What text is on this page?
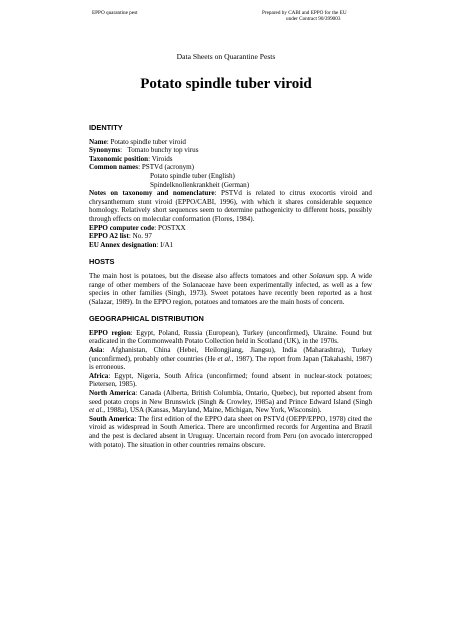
EPPO quarantine pest	Prepared by CABI and EPPO for the EU
under Contract 90/399003
Data Sheets on Quarantine Pests
Potato spindle tuber viroid
IDENTITY
Name: Potato spindle tuber viroid
Synonyms:   Tomato bunchy top virus
Taxonomic position: Viroids
Common names: PSTVd (acronym)
Potato spindle tuber (English)
Spindelknollenkrankheit (German)

Notes on taxonomy and nomenclature: PSTVd is related to citrus exocortis viroid and chrysanthemum stunt viroid (EPPO/CABI, 1996), with which it shares considerable sequence homology. Relatively short sequences seem to determine pathogenicity to different hosts, possibly through effects on molecular conformation (Flores, 1984).

EPPO computer code: POSTXX
EPPO A2 list: No. 97
EU Annex designation: I/A1
HOSTS

The main host is potatoes, but the disease also affects tomatoes and other Solanum spp. A wide range of other members of the Solanaceae have been experimentally infected, as well as a few species in other families (Singh, 1973). Sweet potatoes have recently been reported as a host (Salazar, 1989). In the EPPO region, potatoes and tomatoes are the main hosts of concern.

GEOGRAPHICAL DISTRIBUTION

EPPO region: Egypt, Poland, Russia (European), Turkey (unconfirmed), Ukraine. Found but eradicated in the Commonwealth Potato Collection held in Scotland (UK), in the 1970s.

Asia: Afghanistan, China (Hebei, Heilongjiang, Jiangsu), India (Maharashtra), Turkey (unconfirmed), probably other countries (He et al., 1987). The report from Japan (Takahashi, 1987) is erroneous.

Africa: Egypt, Nigeria, South Africa (unconfirmed; found absent in nuclear-stock potatoes; Pietersen, 1985).

North America: Canada (Alberta, British Columbia, Ontario, Quebec), but reported absent from seed potato crops in New Brunswick (Singh & Crowley, 1985a) and Prince Edward Island (Singh et al., 1988a), USA (Kansas, Maryland, Maine, Michigan, New York, Wisconsin).

South America: The first edition of the EPPO data sheet on PSTVd (OEPP/EPPO, 1978) cited the viroid as widespread in South America. There are unconfirmed records for Argentina and Brazil and the pest is declared absent in Uruguay. Uncertain record from Peru (on avocado intercropped with potato). The situation in other countries remains obscure.
